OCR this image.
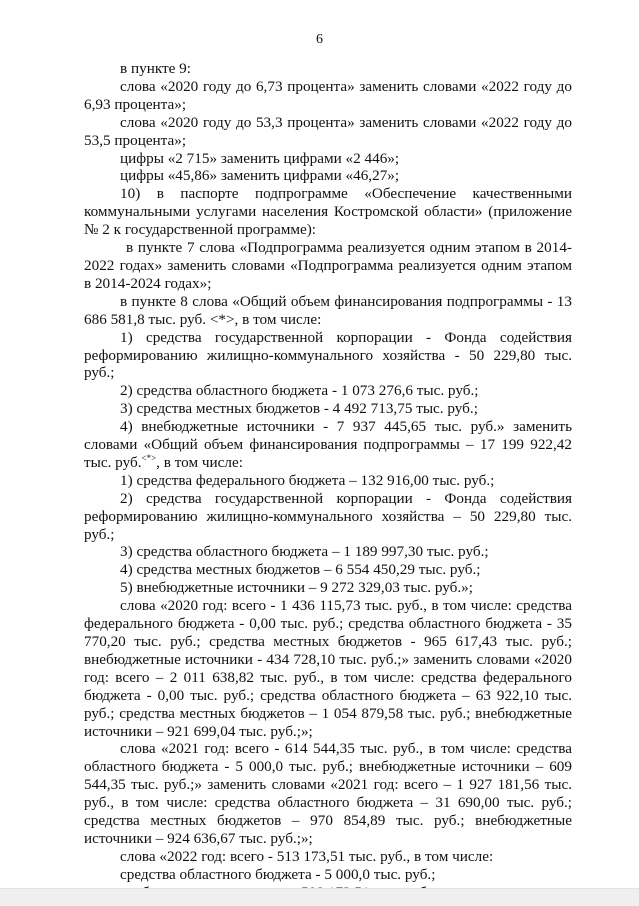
6

в пункте 9:

слова «2020 году до 6,73 процента» заменить словами «2022 году до 6,93 процента»;

слова «2020 году до 53,3 процента» заменить словами «2022 году до 53,5 процента»;

цифры «2 715» заменить цифрами «2 446»;

цифры «45,86» заменить цифрами «46,27»;

10) в паспорте подпрограмме «Обеспечение качественными коммунальными услугами населения Костромской области» (приложение № 2 к государственной программе):

в пункте 7 слова «Подпрограмма реализуется одним этапом в 2014-2022 годах» заменить словами «Подпрограмма реализуется одним этапом в 2014-2024 годах»;

в пункте 8 слова «Общий объем финансирования подпрограммы - 13 686 581,8 тыс. руб. <*>, в том числе:

1) средства государственной корпорации - Фонда содействия реформированию жилищно-коммунального хозяйства - 50 229,80 тыс. руб.;

2) средства областного бюджета - 1 073 276,6 тыс. руб.;

3) средства местных бюджетов - 4 492 713,75 тыс. руб.;

4) внебюджетные источники - 7 937 445,65 тыс. руб.» заменить словами «Общий объем финансирования подпрограммы – 17 199 922,42 тыс. руб.<*>, в том числе:

1) средства федерального бюджета – 132 916,00 тыс. руб.;

2) средства государственной корпорации - Фонда содействия реформированию жилищно-коммунального хозяйства – 50 229,80 тыс. руб.;

3) средства областного бюджета – 1 189 997,30 тыс. руб.;

4) средства местных бюджетов – 6 554 450,29 тыс. руб.;

5) внебюджетные источники – 9 272 329,03 тыс. руб.»;

слова «2020 год: всего - 1 436 115,73 тыс. руб., в том числе: средства федерального бюджета - 0,00 тыс. руб.; средства областного бюджета - 35 770,20 тыс. руб.; средства местных бюджетов - 965 617,43 тыс. руб.; внебюджетные источники - 434 728,10 тыс. руб.;» заменить словами «2020 год: всего – 2 011 638,82 тыс. руб., в том числе: средства федерального бюджета - 0,00 тыс. руб.; средства областного бюджета – 63 922,10 тыс. руб.; средства местных бюджетов – 1 054 879,58 тыс. руб.; внебюджетные источники – 921 699,04 тыс. руб.;»;

слова «2021 год: всего - 614 544,35 тыс. руб., в том числе: средства областного бюджета - 5 000,0 тыс. руб.; внебюджетные источники – 609 544,35 тыс. руб.;» заменить словами «2021 год: всего – 1 927 181,56 тыс. руб., в том числе: средства областного бюджета – 31 690,00 тыс. руб.; средства местных бюджетов – 970 854,89 тыс. руб.; внебюджетные источники – 924 636,67 тыс. руб.;»;

слова «2022 год: всего - 513 173,51 тыс. руб., в том числе:

средства областного бюджета - 5 000,0 тыс. руб.;
